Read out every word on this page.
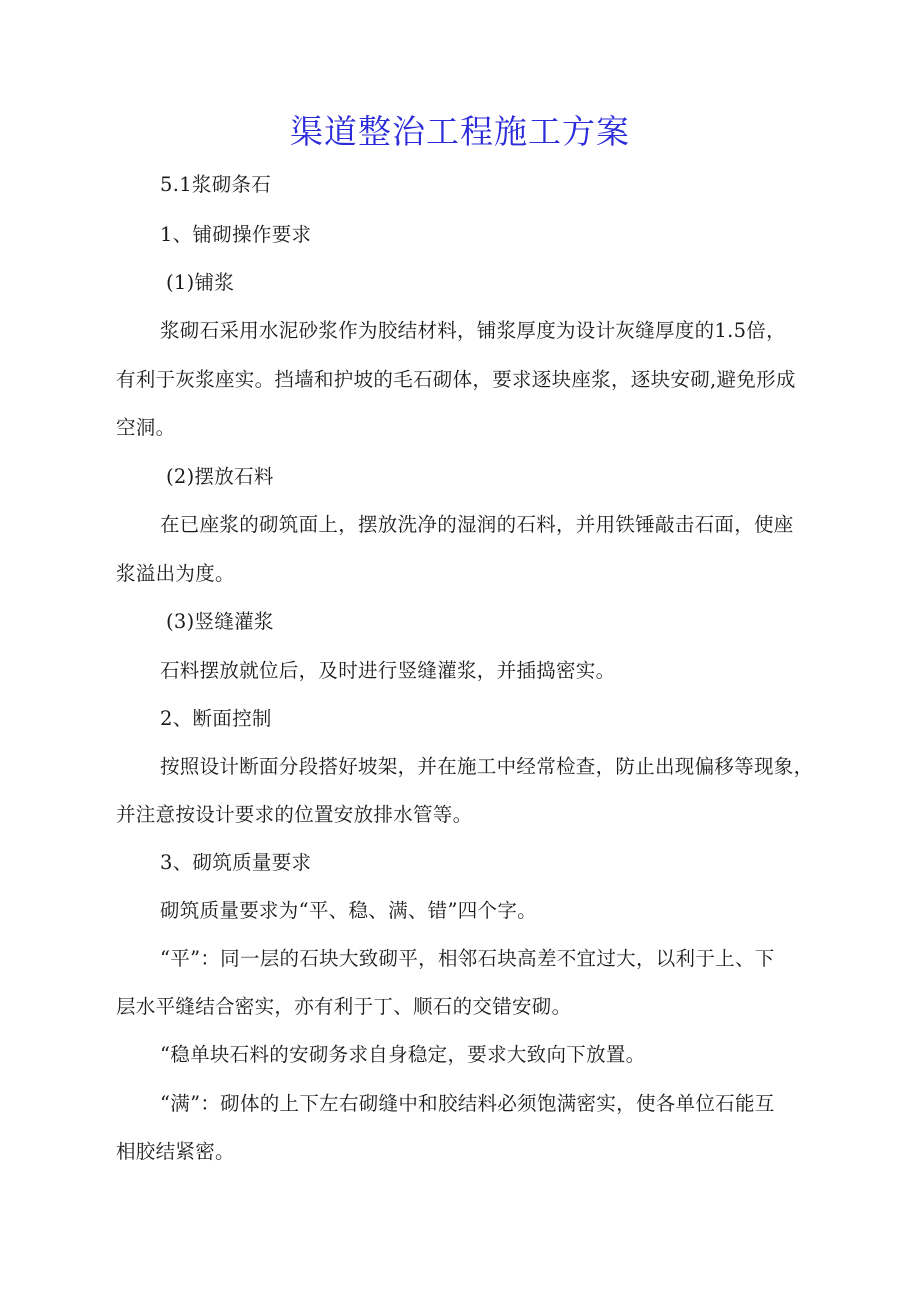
渠道整治工程施工方案

5.1浆砌条石

1、铺砌操作要求

(1)铺浆

浆砌石采用水泥砂浆作为胶结材料，铺浆厚度为设计灰缝厚度的1.5倍，

有利于灰浆座实。挡墙和护坡的毛石砌体，要求逐块座浆，逐块安砌,避免形成

空洞。

(2)摆放石料

在已座浆的砌筑面上，摆放洗净的湿润的石料，并用铁锤敲击石面，使座

浆溢出为度。

(3)竖缝灌浆

石料摆放就位后，及时进行竖缝灌浆，并插捣密实。

2、断面控制

按照设计断面分段搭好坡架，并在施工中经常检查，防止出现偏移等现象，

并注意按设计要求的位置安放排水管等。

3、砌筑质量要求

砌筑质量要求为“平、稳、满、错”四个字。

“平”：同一层的石块大致砌平，相邻石块高差不宜过大，以利于上、下

层水平缝结合密实，亦有利于丁、顺石的交错安砌。

“稳单块石料的安砌务求自身稳定，要求大致向下放置。

“满”：砌体的上下左右砌缝中和胶结料必须饱满密实，使各单位石能互

相胶结紧密。
